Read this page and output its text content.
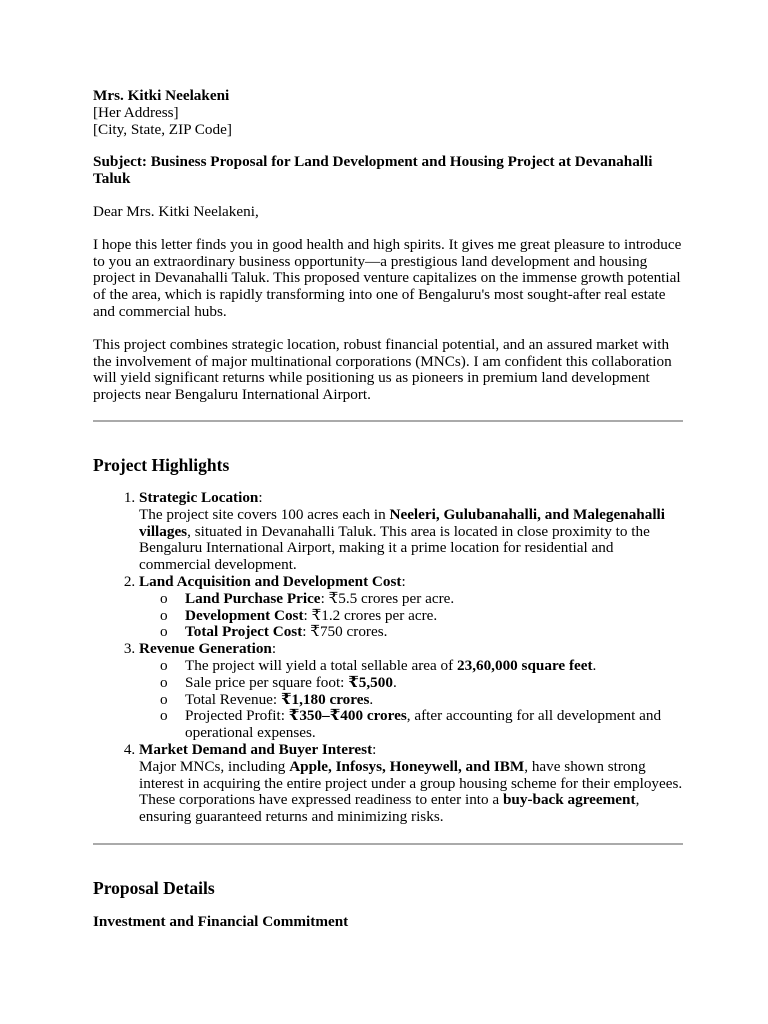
Mrs. Kitki Neelakeni

[Her Address]

[City, State, ZIP Code]

Subject: Business Proposal for Land Development and Housing Project at Devanahalli Taluk

Dear Mrs. Kitki Neelakeni,

I hope this letter finds you in good health and high spirits. It gives me great pleasure to introduce to you an extraordinary business opportunity—a prestigious land development and housing project in Devanahalli Taluk. This proposed venture capitalizes on the immense growth potential of the area, which is rapidly transforming into one of Bengaluru's most sought-after real estate and commercial hubs.

This project combines strategic location, robust financial potential, and an assured market with the involvement of major multinational corporations (MNCs). I am confident this collaboration will yield significant returns while positioning us as pioneers in premium land development projects near Bengaluru International Airport.

Project Highlights
1. Strategic Location:
The project site covers 100 acres each in Neeleri, Gulubanahalli, and Malegenahalli villages, situated in Devanahalli Taluk. This area is located in close proximity to the Bengaluru International Airport, making it a prime location for residential and commercial development.
2. Land Acquisition and Development Cost:
o Land Purchase Price: ₹5.5 crores per acre.
o Development Cost: ₹1.2 crores per acre.
o Total Project Cost: ₹750 crores.
3. Revenue Generation:
o The project will yield a total sellable area of 23,60,000 square feet.
o Sale price per square foot: ₹5,500.
o Total Revenue: ₹1,180 crores.
o Projected Profit: ₹350–₹400 crores, after accounting for all development and operational expenses.
4. Market Demand and Buyer Interest:
Major MNCs, including Apple, Infosys, Honeywell, and IBM, have shown strong interest in acquiring the entire project under a group housing scheme for their employees. These corporations have expressed readiness to enter into a buy-back agreement, ensuring guaranteed returns and minimizing risks.
Proposal Details

Investment and Financial Commitment
